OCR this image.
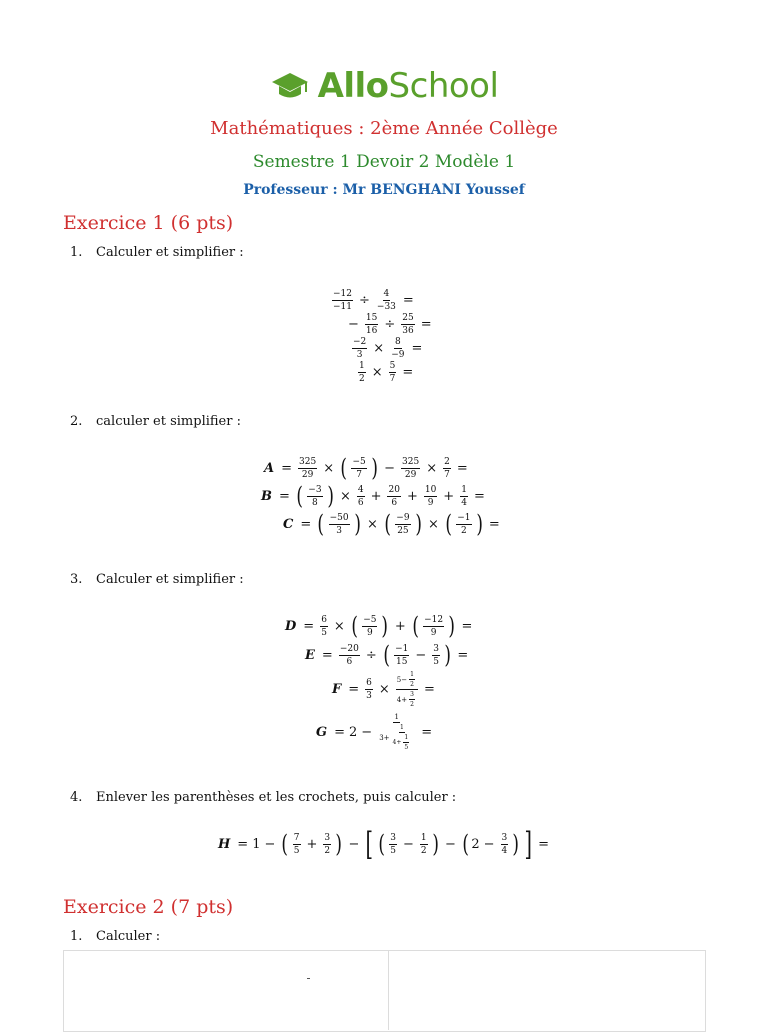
AlloSchool
Mathématiques : 2ème Année Collège
Semestre 1 Devoir 2 Modèle 1
Professeur : Mr BENGHANI Youssef
Exercice 1 (6 pts)
1. Calculer et simplifier :
$\frac{-12}{-11} \div \frac{4}{-33}$ =
− $\frac{15}{16} \div \frac{25}{36}$ =
$\frac{-2}{3} \times \frac{8}{-9}$ =
$\frac{1}{2} \times \frac{5}{7}$ =
2. calculer et simplifier :
$A = \frac{325}{29}$ × ( $\frac{-5}{7}$ ) − $\frac{325}{29} \times \frac{2}{7}$ =
B = ( $\frac{-3}{8}$ ) × $\frac{4}{6} + \frac{20}{6} + \frac{10}{9} + \frac{1}{4}$ =
C = ( $\frac{-50}{3}$ ) × ( $\frac{-9}{25}$ ) × ( $\frac{-1}{2}$ ) =
3. Calculer et simplifier :
$D = \frac{6}{5}$ × ( $\frac{-5}{9}$ ) + ( $\frac{-12}{9}$ ) =
$E = \frac{-20}{6}$ ÷ ( $\frac{-1}{15} - \frac{3}{5}$ ) =
$F = \frac{6}{3} \times \frac{5- \frac{1}{2}}{4+ \frac{3}{2}}$ =
$G = 2 - \frac{1}{3+ \frac{1}{4+ \frac{1}{5}}}$ =
4. Enlever les parenthèses et les crochets, puis calculer :
H = 1 − ( $\frac{7}{5} + \frac{3}{2}$ ) − [ ( $\frac{3}{5} - \frac{1}{2}$ ) − ( $2 - \frac{3}{4}$ ) ] =
Exercice 2 (7 pts)
1. Calculer :
